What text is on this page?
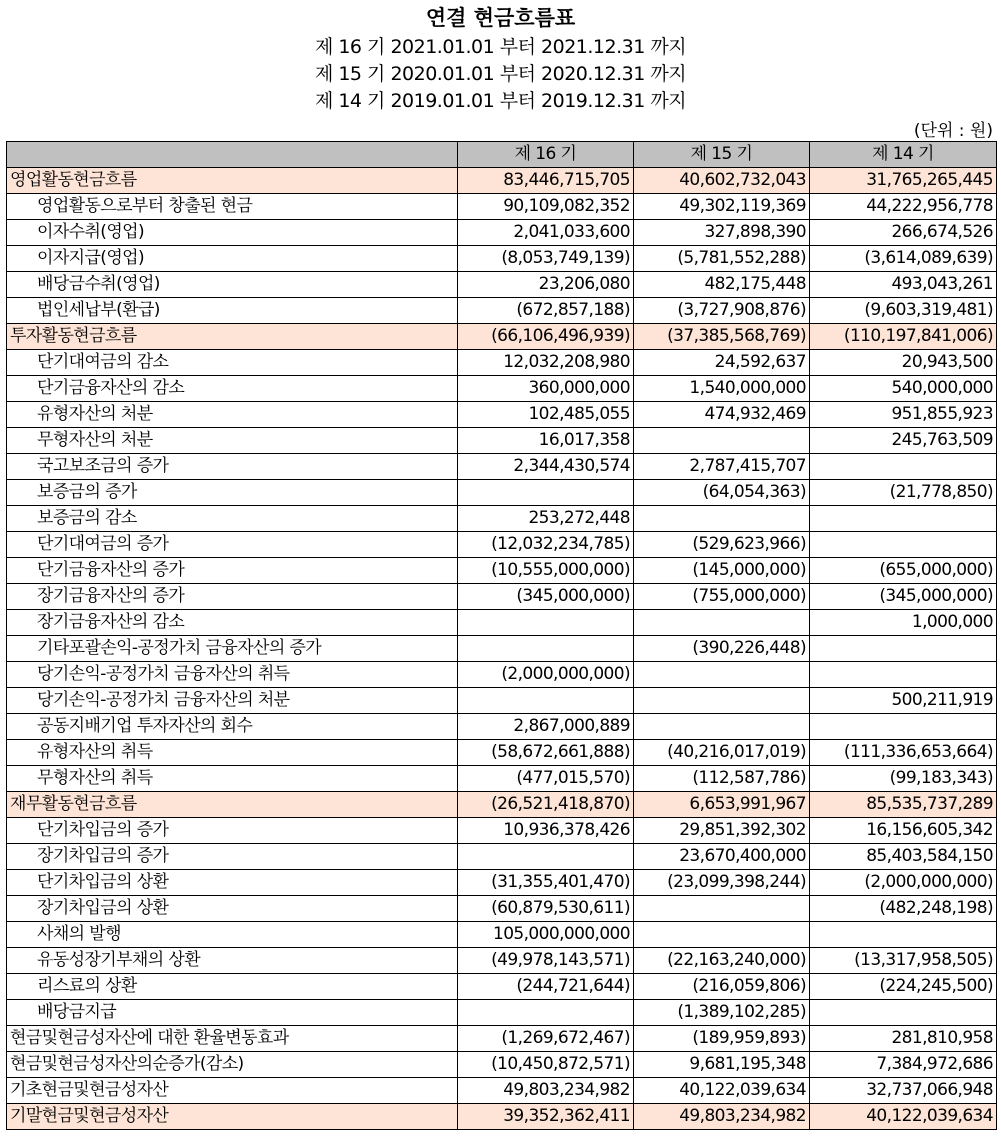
연결 현금흐름표
제 16 기 2021.01.01 부터 2021.12.31 까지
제 15 기 2020.01.01 부터 2020.12.31 까지
제 14 기 2019.01.01 부터 2019.12.31 까지
(단위 : 원)
	제 16 기	제 15 기	제 14 기
영업활동현금흐름	83,446,715,705	40,602,732,043	31,765,265,445
영업활동으로부터 창출된 현금	90,109,082,352	49,302,119,369	44,222,956,778
이자수취(영업)	2,041,033,600	327,898,390	266,674,526
이자지급(영업)	(8,053,749,139)	(5,781,552,288)	(3,614,089,639)
배당금수취(영업)	23,206,080	482,175,448	493,043,261
법인세납부(환급)	(672,857,188)	(3,727,908,876)	(9,603,319,481)
투자활동현금흐름	(66,106,496,939)	(37,385,568,769)	(110,197,841,006)
단기대여금의 감소	12,032,208,980	24,592,637	20,943,500
단기금융자산의 감소	360,000,000	1,540,000,000	540,000,000
유형자산의 처분	102,485,055	474,932,469	951,855,923
무형자산의 처분	16,017,358		245,763,509
국고보조금의 증가	2,344,430,574	2,787,415,707	
보증금의 증가		(64,054,363)	(21,778,850)
보증금의 감소	253,272,448		
단기대여금의 증가	(12,032,234,785)	(529,623,966)	
단기금융자산의 증가	(10,555,000,000)	(145,000,000)	(655,000,000)
장기금융자산의 증가	(345,000,000)	(755,000,000)	(345,000,000)
장기금융자산의 감소			1,000,000
기타포괄손익-공정가치 금융자산의 증가		(390,226,448)	
당기손익-공정가치 금융자산의 취득	(2,000,000,000)		
당기손익-공정가치 금융자산의 처분			500,211,919
공동지배기업 투자자산의 회수	2,867,000,889		
유형자산의 취득	(58,672,661,888)	(40,216,017,019)	(111,336,653,664)
무형자산의 취득	(477,015,570)	(112,587,786)	(99,183,343)
재무활동현금흐름	(26,521,418,870)	6,653,991,967	85,535,737,289
단기차입금의 증가	10,936,378,426	29,851,392,302	16,156,605,342
장기차입금의 증가		23,670,400,000	85,403,584,150
단기차입금의 상환	(31,355,401,470)	(23,099,398,244)	(2,000,000,000)
장기차입금의 상환	(60,879,530,611)		(482,248,198)
사채의 발행	105,000,000,000		
유동성장기부채의 상환	(49,978,143,571)	(22,163,240,000)	(13,317,958,505)
리스료의 상환	(244,721,644)	(216,059,806)	(224,245,500)
배당금지급		(1,389,102,285)	
현금및현금성자산에 대한 환율변동효과	(1,269,672,467)	(189,959,893)	281,810,958
현금및현금성자산의순증가(감소)	(10,450,872,571)	9,681,195,348	7,384,972,686
기초현금및현금성자산	49,803,234,982	40,122,039,634	32,737,066,948
기말현금및현금성자산	39,352,362,411	49,803,234,982	40,122,039,634
